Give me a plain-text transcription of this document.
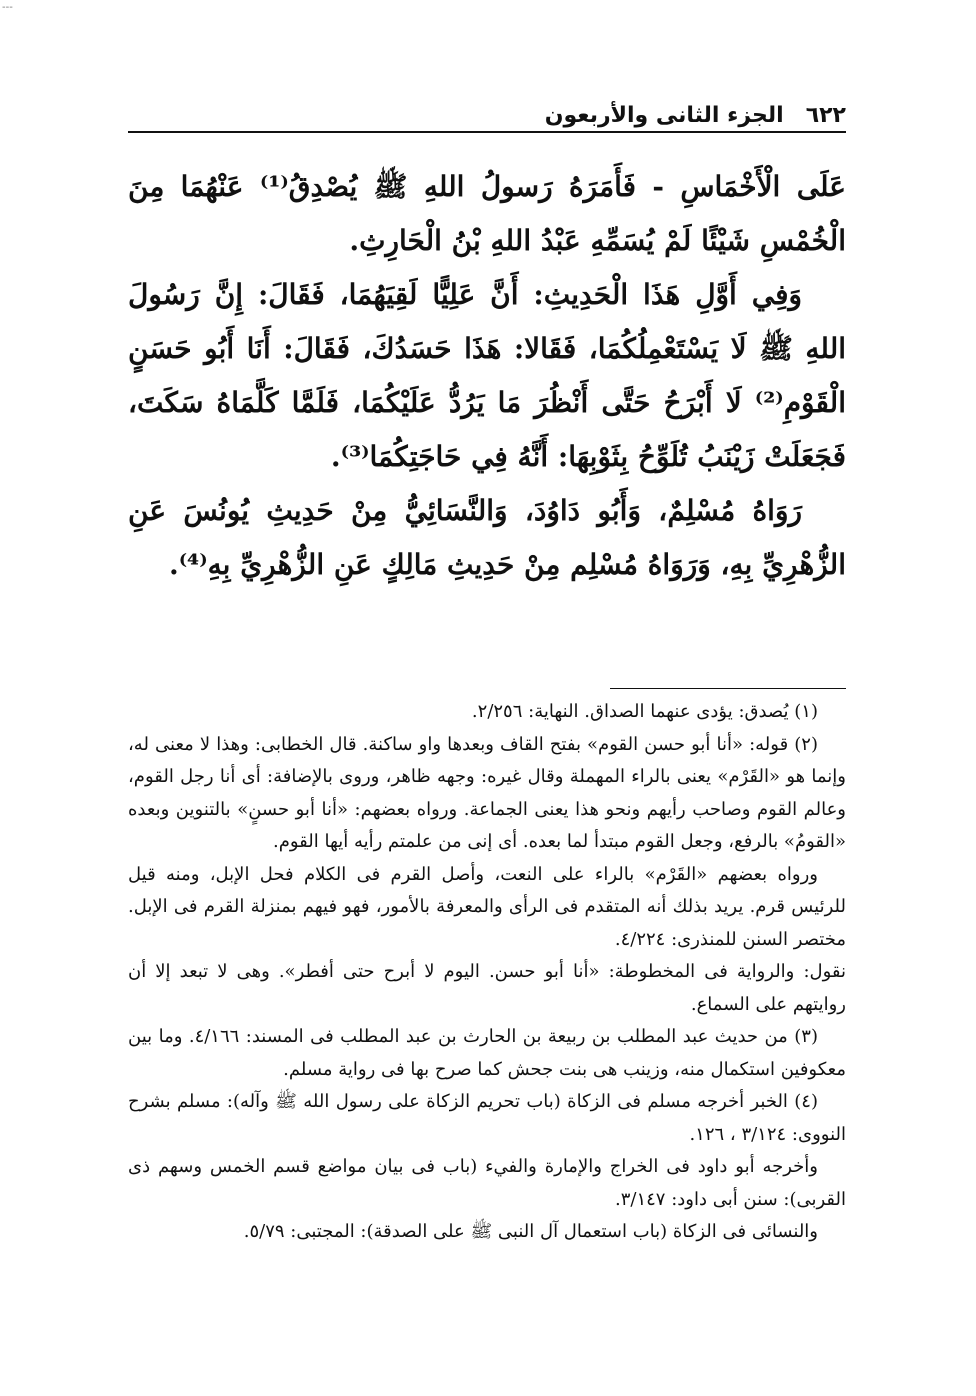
---
٦٢٢
الجزء الثانى والأربعون

عَلَى الْأَخْمَاسِ - فَأَمَرَهُ رَسولُ اللهِ ﷺ يُصْدِقُ⁽¹⁾ عَنْهُمَا مِنَ الْخُمْسِ شَيْئًا لَمْ يُسَمِّهِ عَبْدُ اللهِ بْنُ الْحَارِثِ.

وَفِي أَوَّلِ هَذَا الْحَدِيثِ: أَنَّ عَلِيًّا لَقِيَهُمَا، فَقَالَ: إِنَّ رَسُولَ اللهِ ﷺ لَا يَسْتَعْمِلُكُمَا، فَقَالا: هَذَا حَسَدُكَ، فَقَالَ: أَنَا أَبُو حَسَنٍ الْقَوْمِ⁽²⁾ لَا أَبْرَحُ حَتَّى أَنْظُرَ مَا يَرُدُّ عَلَيْكُمَا، فَلَمَّا كَلَّمَاهُ سَكَتَ، فَجَعَلَتْ زَيْنَبُ تُلَوِّحُ بِثَوْبِهَا: أَنَّهُ فِي حَاجَتِكُمَا⁽³⁾.

رَوَاهُ مُسْلِمٌ، وَأَبُو دَاوُدَ، وَالنَّسَائِيُّ مِنْ حَدِيثِ يُونُسَ عَنِ الزُّهْرِيِّ بِهِ، وَرَوَاهُ مُسْلِم مِنْ حَدِيثِ مَالِكٍ عَنِ الزُّهْرِيِّ بِهِ⁽⁴⁾.

(١) يُصدق: يؤدى عنهما الصداق. النهاية: ٢/٢٥٦.

(٢) قوله: «أنا أبو حسن القوم» بفتح القاف وبعدها واو ساكنة. قال الخطابى: وهذا لا معنى له، وإنما هو «القَرْم» يعنى بالراء المهملة وقال غيره: وجهه ظاهر، وروى بالإضافة: أى أنا رجل القوم، وعالم القوم وصاحب رأيهم ونحو هذا يعنى الجماعة. ورواه بعضهم: «أنا أبو حسنٍ» بالتنوين وبعده «القومُ» بالرفع، وجعل القوم مبتدأ لما بعده. أى إنى من علمتم رأيه أيها القوم.

ورواه بعضهم «القَرْم» بالراء على النعت، وأصل القرم فى الكلام فحل الإبل، ومنه قيل للرئيس قرم. يريد بذلك أنه المتقدم فى الرأى والمعرفة بالأمور، فهو فيهم بمنزلة القرم فى الإبل. مختصر السنن للمنذرى: ٤/٢٢٤.

نقول: والرواية فى المخطوطة: «أنا أبو حسن. اليوم لا أبرح حتى أفطر». وهى لا تبعد إلا أن روايتهم على السماع.

(٣) من حديث عبد المطلب بن ربيعة بن الحارث بن عبد المطلب فى المسند: ٤/١٦٦. وما بين معكوفين استكمال منه، وزينب هى بنت جحش كما صرح بها فى رواية مسلم.

(٤) الخبر أخرجه مسلم فى الزكاة (باب تحريم الزكاة على رسول الله ﷺ وآله): مسلم بشرح النووى: ٣/١٢٤ ، ١٢٦.

وأخرجه أبو داود فى الخراج والإمارة والفيء (باب فى بيان مواضع قسم الخمس وسهم ذى القربى): سنن أبى داود: ٣/١٤٧.

والنسائى فى الزكاة (باب استعمال آل النبى ﷺ على الصدقة): المجتبى: ٥/٧٩.
